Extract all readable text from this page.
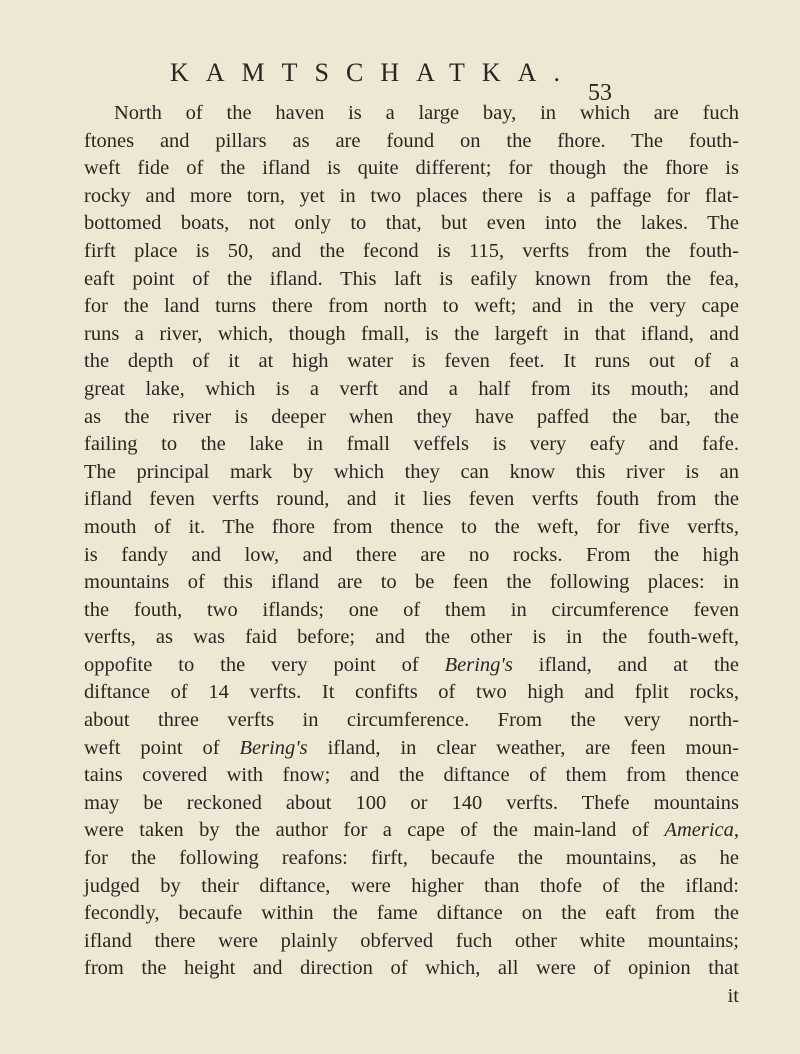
KAMTSCHATKA.
53
North of the haven is a large bay, in which are fuch
ftones and pillars as are found on the fhore. The fouth-
weft fide of the ifland is quite different; for though the fhore is
rocky and more torn, yet in two places there is a paffage for flat-
bottomed boats, not only to that, but even into the lakes. The
firft place is 50, and the fecond is 115, verfts from the fouth-
eaft point of the ifland. This laft is eafily known from the fea,
for the land turns there from north to weft; and in the very cape
runs a river, which, though fmall, is the largeft in that ifland, and
the depth of it at high water is feven feet. It runs out of a
great lake, which is a verft and a half from its mouth; and
as the river is deeper when they have paffed the bar, the
failing to the lake in fmall veffels is very eafy and fafe.
The principal mark by which they can know this river is an
ifland feven verfts round, and it lies feven verfts fouth from the
mouth of it. The fhore from thence to the weft, for five verfts,
is fandy and low, and there are no rocks. From the high
mountains of this ifland are to be feen the following places: in
the fouth, two iflands; one of them in circumference feven
verfts, as was faid before; and the other is in the fouth-weft,
oppofite to the very point of Bering's ifland, and at the
diftance of 14 verfts. It confifts of two high and fplit rocks,
about three verfts in circumference. From the very north-
weft point of Bering's ifland, in clear weather, are feen moun-
tains covered with fnow; and the diftance of them from thence
may be reckoned about 100 or 140 verfts. Thefe mountains
were taken by the author for a cape of the main-land of America,
for the following reafons: firft, becaufe the mountains, as he
judged by their diftance, were higher than thofe of the ifland:
fecondly, becaufe within the fame diftance on the eaft from the
ifland there were plainly obferved fuch other white mountains;
from the height and direction of which, all were of opinion that
it
